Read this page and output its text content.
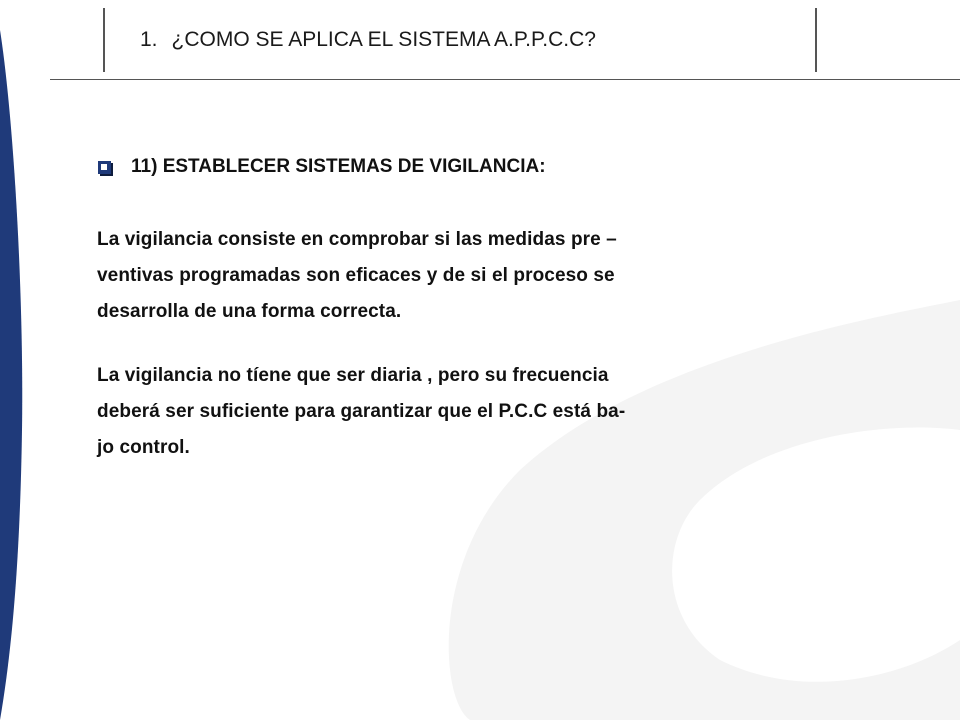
1. ¿COMO SE APLICA EL SISTEMA A.P.P.C.C?
11) ESTABLECER SISTEMAS DE VIGILANCIA:
La vigilancia consiste en comprobar si las medidas pre –
ventivas programadas son eficaces y de si el proceso se
desarrolla de una forma correcta.
La vigilancia no tíene que ser diaria , pero su frecuencia
deberá ser suficiente para garantizar que el P.C.C está ba-
jo control.
